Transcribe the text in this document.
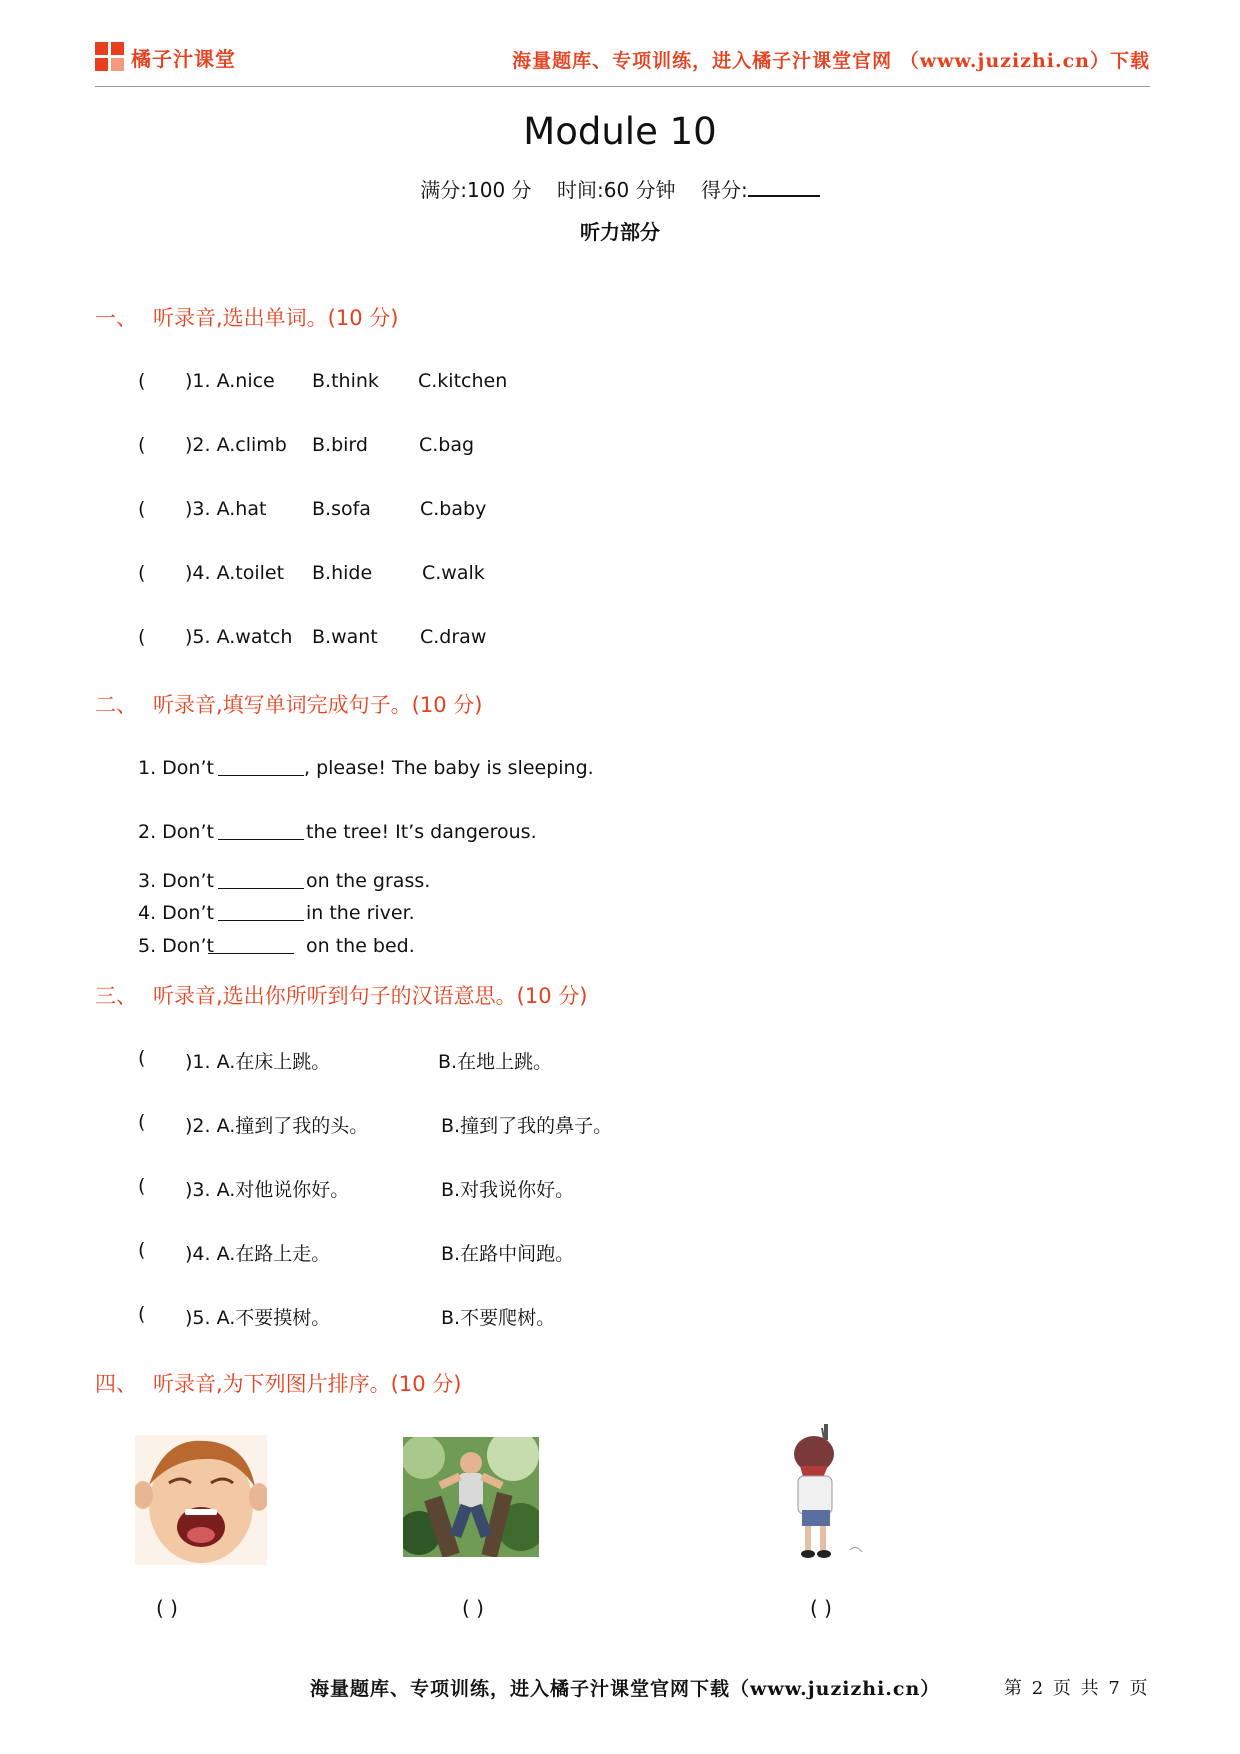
橘子汁课堂	海量题库、专项训练，进入橘子汁课堂官网 （www.juzizhi.cn）下载
Module 10
满分:100 分 时间:60 分钟 得分:
听力部分
一、 听录音,选出单词。(10 分)
( )1. A.nice B.think C.kitchen
( )2. A.climb B.bird	C.bag
( )3. A.hat B.sofa	C.baby
( )4. A.toilet B.hide	C.walk
( )5. A.watch B.want C.draw
二、 听录音,填写单词完成句子。(10 分)
1. Don’t	, please! The baby is sleeping.
2. Don’t	the tree! It’s dangerous.
3. Don’t	on the grass.
4. Don’t	in the river.
5. Don’t	on the bed.
三、 听录音,选出你所听到句子的汉语意思。(10 分)
( )1. A.在床上跳。	B.在地上跳。
( )2. A.撞到了我的头。	B.撞到了我的鼻子。
( )3. A.对他说你好。	B.对我说你好。
( )4. A.在路上走。	B.在路中间跑。
( )5. A.不要摸树。	B.不要爬树。
四、 听录音,为下列图片排序。(10 分)
( )	( )	( )
海量题库、专项训练，进入橘子汁课堂官网下载（www.juzizhi.cn）	第 2 页 共 7 页
